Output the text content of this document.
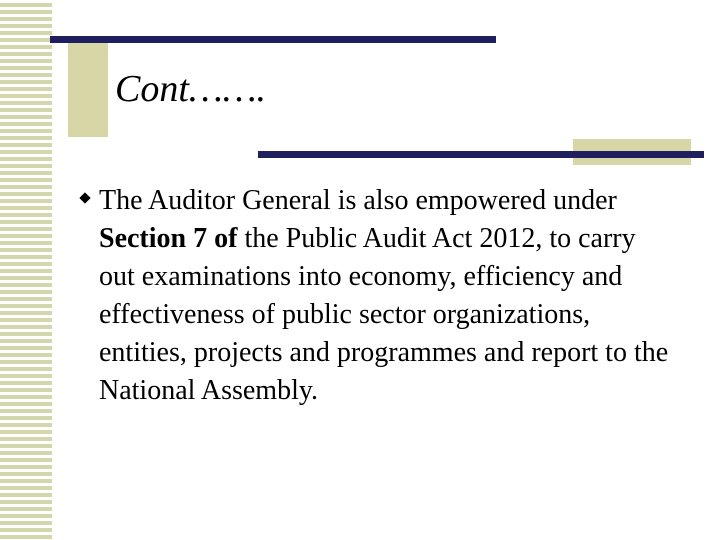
Cont…….
The Auditor General is also empowered under Section 7 of the Public Audit Act 2012, to carry out examinations into economy, efficiency and effectiveness of public sector organizations, entities, projects and programmes and report to the National Assembly.
